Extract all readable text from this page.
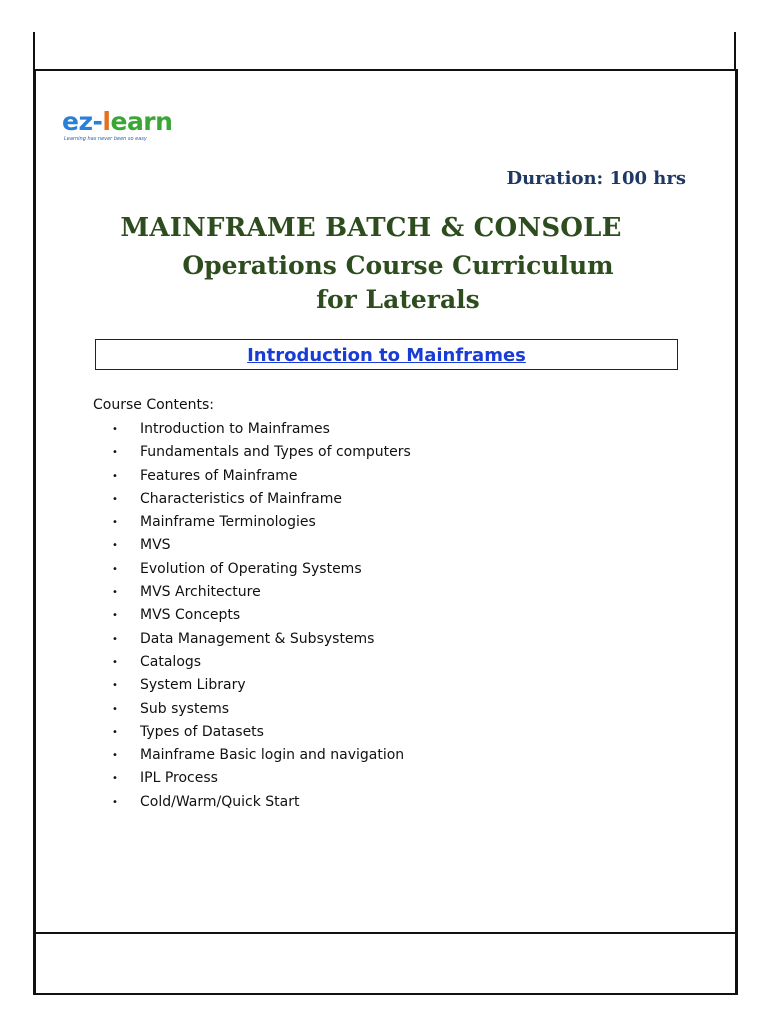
ez-learn
Learning has never been so easy
Duration: 100 hrs
MAINFRAME BATCH & CONSOLE
Operations Course Curriculum
for Laterals
Introduction to Mainframes
Course Contents:
• Introduction to Mainframes
• Fundamentals and Types of computers
• Features of Mainframe
• Characteristics of Mainframe
• Mainframe Terminologies
• MVS
• Evolution of Operating Systems
• MVS Architecture
• MVS Concepts
• Data Management & Subsystems
• Catalogs
• System Library
• Sub systems
• Types of Datasets
• Mainframe Basic login and navigation
• IPL Process
• Cold/Warm/Quick Start
